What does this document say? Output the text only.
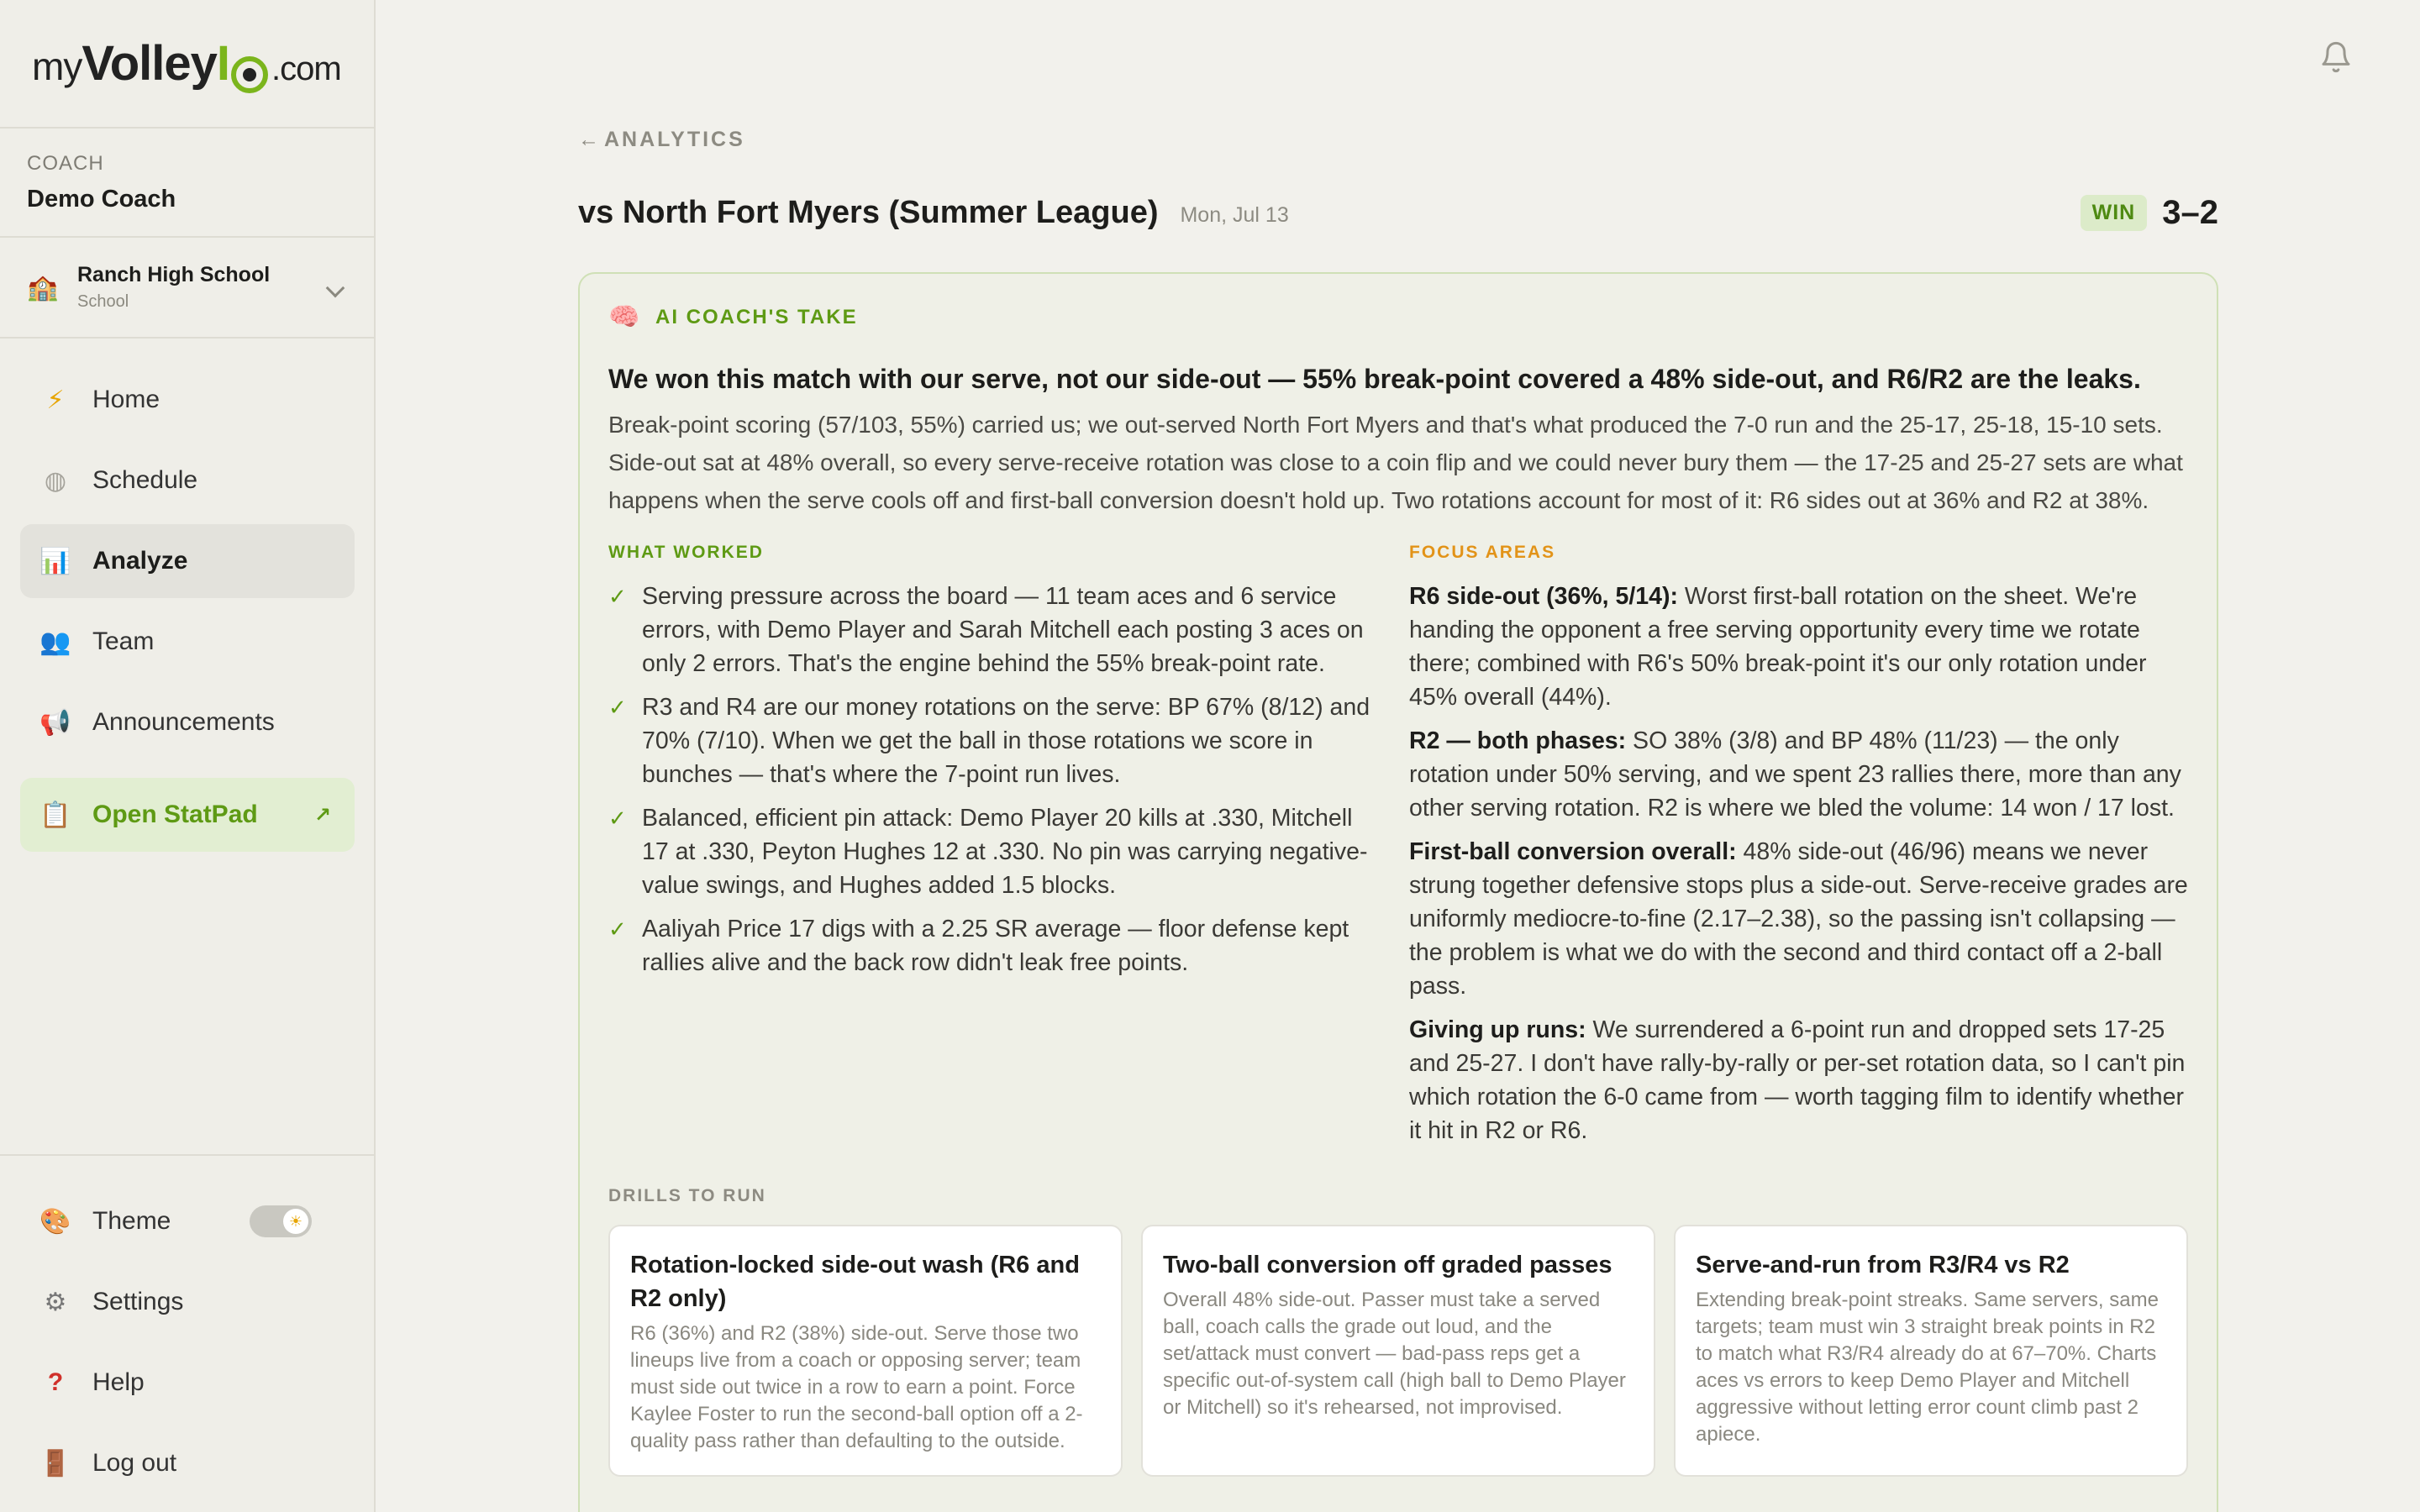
my Volley I .com
COACH
Demo Coach
🏫 Ranch High School
School
⚡	Home
◍ Schedule
📊 Analyze
👥 Team
📢 Announcements
📋 Open StatPad	↗
🎨 Theme	☀
⚙ Settings
?	Help
🚪 Log out
← ANALYTICS
vs North Fort Myers (Summer League) Mon, Jul 13	WIN 3–2
🧠 AI COACH'S TAKE
We won this match with our serve, not our side-out — 55% break-point covered a 48% side-out, and R6/R2 are the leaks.

Break-point scoring (57/103, 55%) carried us; we out-served North Fort Myers and that's what produced the 7-0 run and the 25-17, 25-18, 15-10 sets. Side-out sat at 48% overall, so every serve-receive rotation was close to a coin flip and we could never bury them — the 17-25 and 25-27 sets are what happens when the serve cools off and first-ball conversion doesn't hold up. Two rotations account for most of it: R6 sides out at 36% and R2 at 38%.

WHAT WORKED
✓ Serving pressure across the board — 11 team aces and 6 service errors, with Demo Player and Sarah Mitchell each posting 3 aces on only 2 errors. That's the engine behind the 55% break-point rate.
✓ R3 and R4 are our money rotations on the serve: BP 67% (8/12) and 70% (7/10). When we get the ball in those rotations we score in bunches — that's where the 7-point run lives.
✓ Balanced, efficient pin attack: Demo Player 20 kills at .330, Mitchell 17 at .330, Peyton Hughes 12 at .330. No pin was carrying negative-value swings, and Hughes added 1.5 blocks.
✓ Aaliyah Price 17 digs with a 2.25 SR average — floor defense kept rallies alive and the back row didn't leak free points.
FOCUS AREAS

R6 side-out (36%, 5/14): Worst first-ball rotation on the sheet. We're handing the opponent a free serving opportunity every time we rotate there; combined with R6's 50% break-point it's our only rotation under 45% overall (44%).

R2 — both phases: SO 38% (3/8) and BP 48% (11/23) — the only rotation under 50% serving, and we spent 23 rallies there, more than any other serving rotation. R2 is where we bled the volume: 14 won / 17 lost.

First-ball conversion overall: 48% side-out (46/96) means we never strung together defensive stops plus a side-out. Serve-receive grades are uniformly mediocre-to-fine (2.17–2.38), so the passing isn't collapsing — the problem is what we do with the second and third contact off a 2-ball pass.

Giving up runs: We surrendered a 6-point run and dropped sets 17-25 and 25-27. I don't have rally-by-rally or per-set rotation data, so I can't pin which rotation the 6-0 came from — worth tagging film to identify whether it hit in R2 or R6.

DRILLS TO RUN
Rotation-locked side-out wash (R6 and R2 only)
R6 (36%) and R2 (38%) side-out. Serve those two lineups live from a coach or opposing server; team must side out twice in a row to earn a point. Force Kaylee Foster to run the second-ball option off a 2-quality pass rather than defaulting to the outside.
Two-ball conversion off graded passes
Overall 48% side-out. Passer must take a served ball, coach calls the grade out loud, and the set/attack must convert — bad-pass reps get a specific out-of-system call (high ball to Demo Player or Mitchell) so it's rehearsed, not improvised.
Serve-and-run from R3/R4 vs R2
Extending break-point streaks. Same servers, same targets; team must win 3 straight break points in R2 to match what R3/R4 already do at 67–70%. Charts aces vs errors to keep Demo Player and Mitchell aggressive without letting error count climb past 2 apiece.
